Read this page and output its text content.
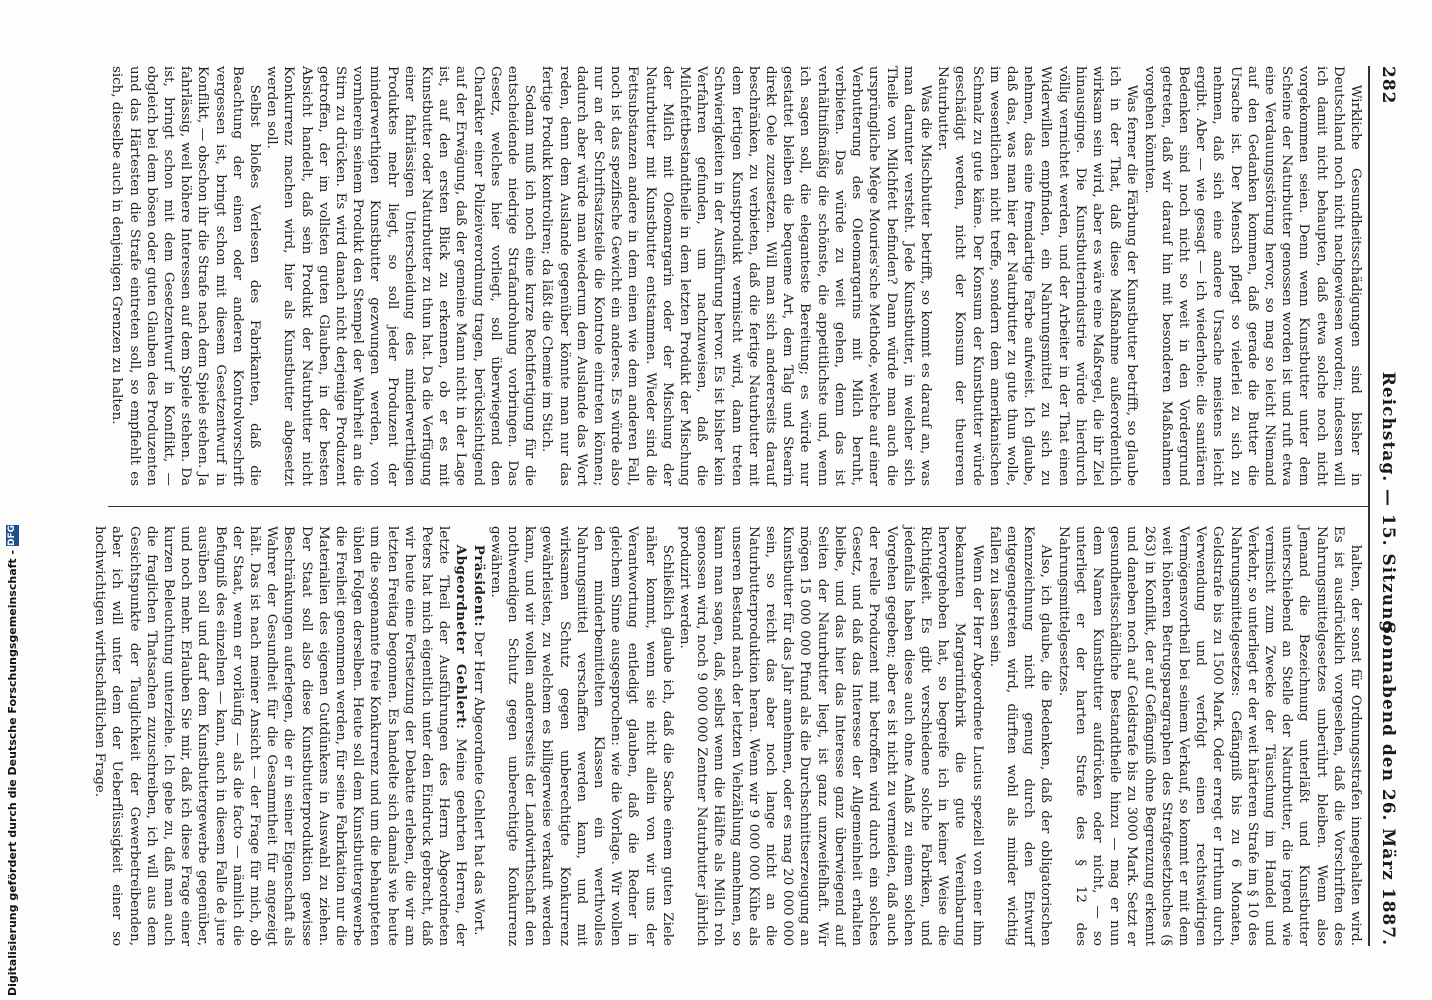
282
Reichstag. — 15. Sitzung.
Sonnabend den 26. März 1887.

Wirkliche Gesundheitsschädigungen sind bisher in Deutschland noch nicht nachgewiesen worden; indessen will ich damit nicht behaupten, daß etwa solche noch nicht vorgekommen seien. Denn wenn Kunstbutter unter dem Scheine der Naturbutter genossen worden ist und ruft etwa eine Verdauungsstörung hervor, so mag so leicht Niemand auf den Gedanken kommen, daß gerade die Butter die Ursache ist. Der Mensch pflegt so vielerlei zu sich zu nehmen, daß sich eine andere Ursache meistens leicht ergibt. Aber — wie gesagt — ich wiederhole: die sanitären Bedenken sind noch nicht so weit in den Vordergrund getreten, daß wir darauf hin mit besonderen Maßnahmen vorgehen könnten.

Was ferner die Färbung der Kunstbutter betrifft, so glaube ich in der That, daß diese Maßnahme außerordentlich wirksam sein wird, aber es wäre eine Maßregel, die ihr Ziel hinausginge. Die Kunstbutterindustrie würde hierdurch völlig vernichtet werden, und der Arbeiter in der That einen Widerwillen empfinden, ein Nahrungsmittel zu sich zu nehmen, das eine fremdartige Farbe aufweist. Ich glaube, daß das, was man hier der Naturbutter zu gute thun wolle, im wesentlichen nicht treffe, sondern dem amerikanischen Schmalz zu gute käme. Der Konsum der Kunstbutter würde geschädigt werden, nicht der Konsum der theureren Naturbutter.

Was die Mischbutter betrifft, so kommt es darauf an, was man darunter versteht. Jede Kunstbutter, in welcher sich Theile von Milchfett befinden? Dann würde man auch die ursprüngliche Mège Mouries'sche Methode, welche auf einer Verbutterung des Oleomargarins mit Milch beruht, verbieten. Das würde zu weit gehen, denn das ist verhältnißmäßig die schönste, die appetitlichste und, wenn ich sagen soll, die eleganteste Bereitung; es würde nur gestattet bleiben die bequeme Art, dem Talg und Stearin direkt Oele zuzusetzen. Will man sich andererseits darauf beschränken, zu verbieten, daß die fertige Naturbutter mit dem fertigen Kunstprodukt vermischt wird, dann treten Schwierigkeiten in der Ausführung hervor. Es ist bisher kein Verfahren gefunden, um nachzuweisen, daß die Milchfettbestandtheile in dem letzten Produkt der Mischung der Milch mit Oleomargarin oder der Mischung der Naturbutter mit Kunstbutter entstammen. Wieder sind die Fettsubstanzen andere in dem einen wie dem anderen Fall, noch ist das spezifische Gewicht ein anderes. Es würde also nur an der Schriftsatzsteile die Kontrole eintreten können; dadurch aber würde man wiederum dem Auslande das Wort reden, denn dem Auslande gegenüber könnte man nur das fertige Produkt kontroliren; da läßt die Chemie im Stich.

Sodann muß ich noch eine kurze Rechtfertigung für die entscheidende niedrige Strafandrohung vorbringen. Das Gesetz, welches hier vorliegt, soll überwiegend den Charakter einer Polizeiverordnung tragen, berücksichtigend auf der Erwägung, daß der gemeine Mann nicht in der Lage ist, auf den ersten Blick zu erkennen, ob er es mit Kunstbutter oder Naturbutter zu thun hat. Da die Verfügung einer fahrlässigen Unterscheidung des minderwerthigen Produktes mehr liegt, so soll jeder Produzent der minderwerthigen Kunstbutter gezwungen werden, von vornherein seinem Produkt den Stempel der Wahrheit an die Stirn zu drücken. Es wird danach nicht derjenige Produzent getroffen, der im vollsten guten Glauben, in der besten Absicht handelt, daß sein Produkt der Naturbutter nicht Konkurrenz machen wird, hier als Kunstbutter abgesetzt werden soll.

Selbst bloßes Verlesen des Fabrikanten, daß die Beachtung der einen oder anderen Kontrolvorschrift vergessen ist, bringt schon mit diesem Gesetzentwurf in Konflikt, — obschon ihr die Strafe nach dem Spiele stehen. Ja fahrlässig, weil höhere Interessen auf dem Spiele stehen. Da ist, bringt schon mit dem Gesetzentwurf in Konflikt, — obgleich bei dem bösen oder guten Glauben des Produzenten und das Härtesten die Strafe eintreten soll, so empfiehlt es sich, dieselbe auch in denjenigen Grenzen zu halten.

halten, der sonst für Ordnungsstrafen innegehalten wird. Es ist ausdrücklich vorgesehen, daß die Vorschriften des Nahrungsmittelgesetzes unberührt bleiben. Wenn also Jemand die Bezeichnung unterläßt und Kunstbutter unterschiebend an Stelle der Naturbutter, die irgend wie vermischt zum Zwecke der Täuschung im Handel und Verkehr, so unterliegt er der weit härteren Strafe im § 10 des Nahrungsmittelgesetzes: Gefängniß bis zu 6 Monaten, Geldstrafe bis zu 1500 Mark. Oder erregt er Irrthum durch Verwendung und verfolgt einen rechtswidrigen Vermögensvortheil bei seinem Verkauf, so kommt er mit dem weit höheren Betrugsparagraphen des Strafgesetzbuches (§ 263) in Konflikt, der auf Gefängniß ohne Begrenzung erkennt und daneben noch auf Geldstrafe bis zu 3000 Mark. Setzt er gesundheitsschädliche Bestandtheile hinzu — mag er nun dem Namen Kunstbutter aufdrücken oder nicht, — so unterliegt er der harten Strafe des § 12 des Nahrungsmittelgesetzes.

Also, ich glaube, die Bedenken, daß der obligatorischen Kennzeichnung nicht genug durch den Entwurf entgegengetreten wird, dürften wohl als minder wichtig fallen zu lassen sein.

Wenn der Herr Abgeordnete Lucius speziell von einer ihm bekannten Margarinfabrik die gute Vereinbarung hervorgehoben hat, so begreife ich in keiner Weise die Richtigkeit. Es gibt verschiedene solche Fabriken, und jedenfalls haben diese auch ohne Anlaß zu einem solchen Vorgehen gegeben; aber es ist nicht zu vermeiden, daß auch der reelle Produzent mit betroffen wird durch ein solches Gesetz, und daß das Interesse der Allgemeinheit erhalten bleibe, und das hier das Interesse ganz überwiegend auf Seiten der Naturbutter liegt, ist ganz unzweifelhaft. Wir mögen 15 000 000 Pfund als die Durchschnittserzeugung an Kunstbutter für das Jahr annehmen, oder es mag 20 000 000 sein, so reicht das aber noch lange nicht an die Naturbutterproduktion heran. Wenn wir 9 000 000 Kühe als unseren Bestand nach der letzten Viehzählung annehmen, so kann man sagen, daß, selbst wenn die Hälfte als Milch roh genossen wird, noch 9 000 000 Zentner Naturbutter jährlich produzirt werden.

Schließlich glaube ich, daß die Sache einem guten Ziele näher kommt, wenn sie nicht allein von wir uns der Verantwortung entledigt glauben, daß die Redner in gleichem Sinne ausgesprochen: wie die Vorlage. Wir wollen den minderbemittelten Klassen ein werthvolles Nahrungsmittel verschaffen werden kann, und mit wirksamen Schutz gegen unberechtigte Konkurrenz gewährleisten, zu welchem es billigerweise verkauft werden kann, und wir wollen andererseits der Landwirthschaft den nothwendigen Schutz gegen unberechtigte Konkurrenz gewähren.

Präsident: Der Herr Abgeordnete Gehlert hat das Wort.

Abgeordneter Gehlert: Meine geehrten Herren, der letzte Theil der Ausführungen des Herrn Abgeordneten Peters hat mich eigentlich unter den Eindruck gebracht, daß wir heute eine Fortsetzung der Debatte erleben, die wir am letzten Freitag begonnen. Es handelte sich damals wie heute um die sogenannte freie Konkurrenz und um die behaupteten üblen Folgen derselben. Heute soll dem Kunstbuttergewerbe die Freiheit genommen werden, für seine Fabrikation nur die Materialien des eigenen Gutdünkens in Auswahl zu ziehen. Der Staat soll also diese Kunstbutterproduktion gewisse Beschränkungen auferlegen, die er in seiner Eigenschaft als Wahrer der Gesundheit für die Gesammtheit für angezeigt hält. Das ist nach meiner Ansicht — der Frage für mich, ob der Staat, wenn er vorläufig — als die facto — nämlich die Befugniß des einzelnen — kann, auch in diesem Falle de jure ausüben soll und darf dem Kunstbuttergewerbe gegenüber, und noch mehr. Erlauben Sie mir, daß ich diese Frage einer kurzen Beleuchtung unterziehe. Ich gebe zu, daß man auch die fraglichen Thatsachen zuzuschreiben, ich will aus dem Gesichtspunkte der Tauglichkeit der Gewerbetreibenden, aber ich will unter dem der Ueberflüssigkeit einer so hochwichtigen wirthschaftlichen Frage.

Digitalisierung gefördert durch die Deutsche Forschungsgemeinschaft -
DFG
